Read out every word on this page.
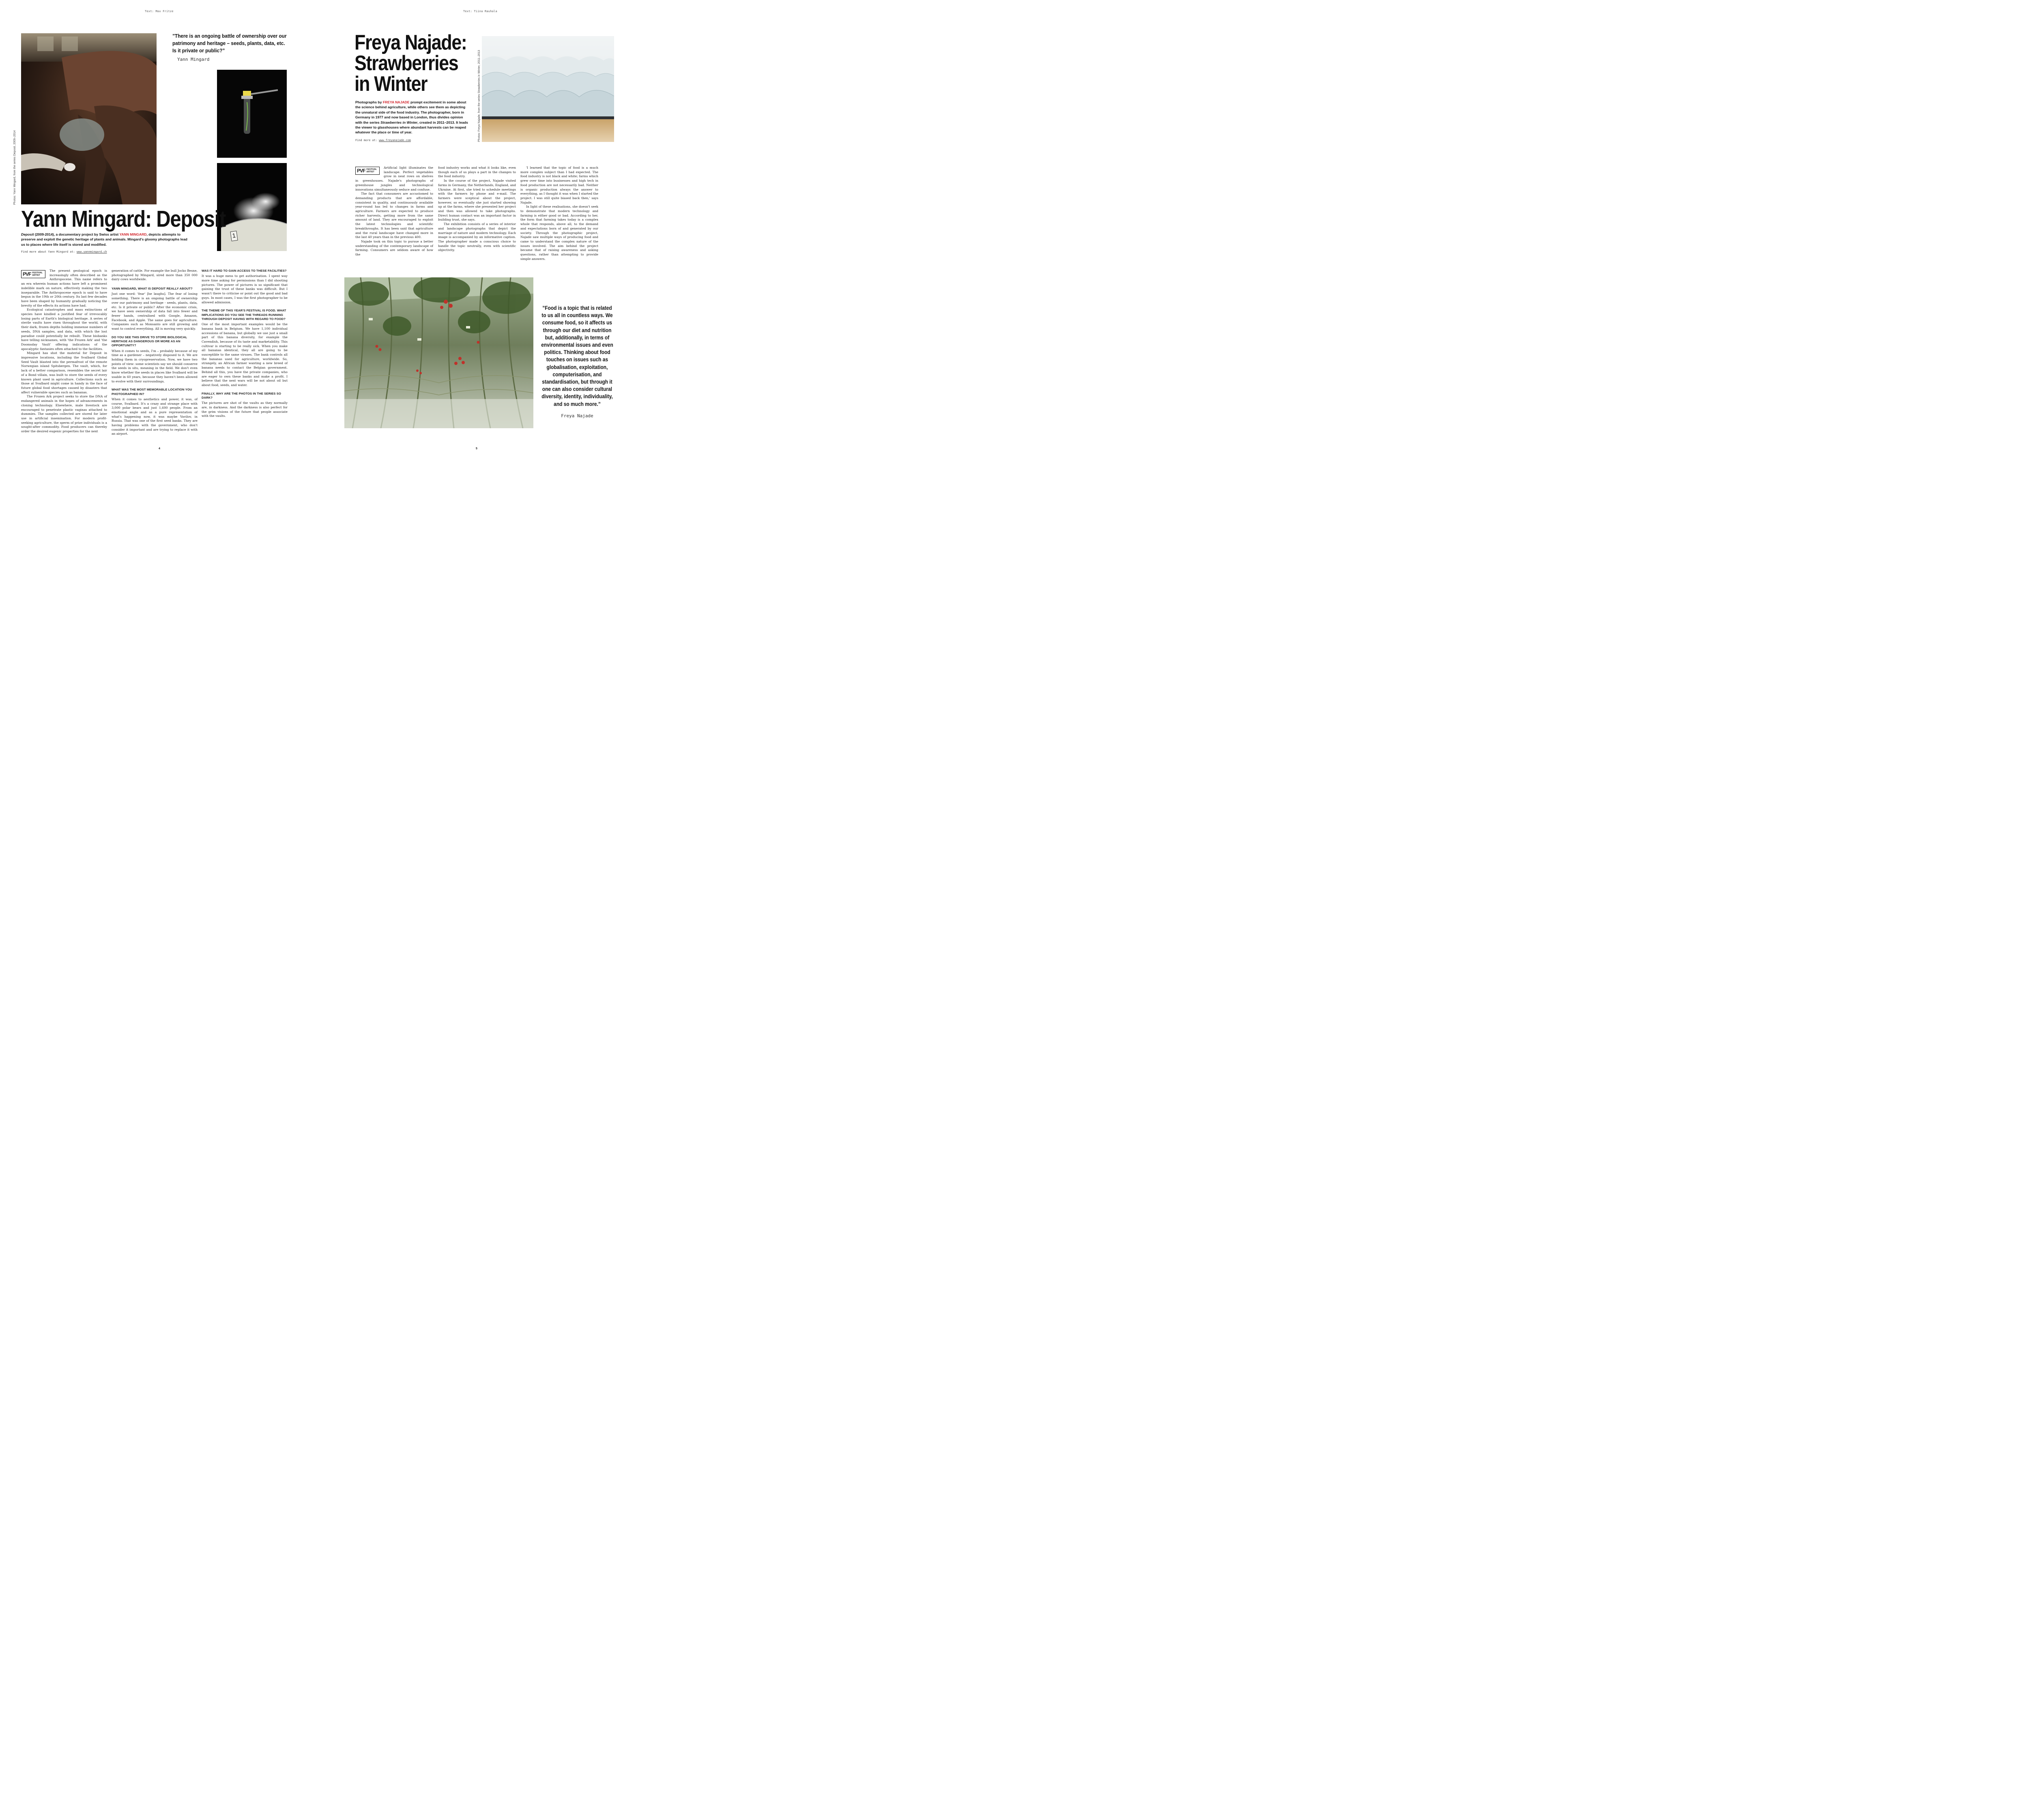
Text: Max Fritze
Photos: Yann Mingard, from the series Deposit, 2009–2014
”There is an ongoing battle of ownership over our patrimony and heritage – seeds, plants, data, etc. Is it private or public?”
Yann Mingard
1
Yann Mingard: Deposit
Deposit (2009-2014), a documentary project by Swiss artist YANN MINGARD, depicts attempts to preserve and exploit the genetic heritage of plants and animals. Mingard's gloomy photographs lead us to places where life itself is stored and modified.
Find more about Yann Mingard at: www.yannmingard.ch
PVF FESTIVAL
ARTIST

The present geological epoch is increasingly often described as the Anthropocene. This name refers to an era wherein human actions have left a prominent indelible mark on nature, effectively making the two inseparable. The Anthropocene epoch is said to have begun in the 19th or 20th century. Its last few decades have been shaped by humanity gradually noticing the brevity of the effects its actions have had.

Ecological catastrophes and mass extinctions of species have kindled a justified fear of irrevocably losing parts of Earth's biological heritage. A series of sterile vaults have risen throughout the world, with their dark, frozen depths holding immense numbers of seeds, DNA samples, and data, with which the lost paradise could potentially be rebuilt. These biobanks have telling nicknames, with 'the Frozen Ark' and 'the Doomsday Vault' offering indications of the apocalyptic fantasies often attached to the facilities.

Mingard has shot the material for Deposit in impressive locations, including the Svalbard Global Seed Vault blasted into the permafrost of the remote Norwegian island Spitsbergen. The vault, which, for lack of a better comparison, resembles the secret lair of a Bond villain, was built to store the seeds of every known plant used in agriculture. Collections such as those at Svalbard might come in handy in the face of future global food shortages caused by disasters that affect vulnerable species such as bananas.

The Frozen Ark project seeks to store the DNA of endangered animals in the hopes of advancements in cloning technology. Elsewhere, male livestock are encouraged to penetrate plastic vaginas attached to dummies. The samples collected are stored for later use in artificial insemination. For modern profit-seeking agriculture, the sperm of prize individuals is a sought-after commodity. Food producers can thereby order the desired eugenic properties for the next

generation of cattle. For example the bull Jocko Besne, photographed by Mingard, sired more than 350 000 dairy cows worldwide.

YANN MINGARD, WHAT IS DEPOSIT REALLY ABOUT?

Just one word: 'fear' [he laughs]. The fear of losing something. There is an ongoing battle of ownership over our patrimony and heritage - seeds, plants, data, etc. Is it private or public? After the economic crisis, we have seen ownership of data fall into fewer and fewer hands, centralised with Google, Amazon, Facebook, and Apple. The same goes for agriculture. Companies such as Monsanto are still growing and want to control everything. All is moving very quickly.

DO YOU SEE THIS DRIVE TO STORE BIOLOGICAL HERITAGE AS DANGEROUS OR MORE AS AN OPPORTUNITY?

When it comes to seeds, I'm – probably because of my time as a gardener – negatively disposed to it. We are holding them in cryopreservation. Now, we have two points of view: some scientists say we should conserve the seeds in situ, meaning in the field. We don't even know whether the seeds in places like Svalbard will be usable in 60 years, because they haven't been allowed to evolve with their surroundings.

WHAT WAS THE MOST MEMORABLE LOCATION YOU PHOTOGRAPHED IN?

When it comes to aesthetics and power, it was, of course, Svalbard. It's a crazy and strange place with 3,000 polar bears and just 1,600 people. From an emotional angle and as a pure representation of what's happening now, it was maybe Vavilov, in Russia. That was one of the first seed banks. They are having problems with the government, who don't consider it important and are trying to replace it with an airport.

WAS IT HARD TO GAIN ACCESS TO THESE FACILITIES?

It was a huge mess to get authorisation. I spent way more time asking for permissions than I did shooting pictures. The power of pictures is so significant that gaining the trust of these banks was difficult. But I wasn't there to criticise or point out the good and bad guys. In most cases, I was the first photographer to be allowed admission.

THE THEME OF THIS YEAR'S FESTIVAL IS FOOD. WHAT IMPLICATIONS DO YOU SEE THE THREADS RUNNING THROUGH DEPOSIT HAVING WITH REGARD TO FOOD?

One of the most important examples would be the banana bank in Belgium. We have 1,100 individual accessions of banana, but globally we use just a small part of this banana diversity, for example the Cavendish, because of its taste and marketability. This cultivar is starting to be really sick. When you make all bananas identical, they all are going to be susceptible to the same viruses. The bank controls all the bananas used for agriculture, worldwide. So, strangely, an African farmer wanting a new breed of banana needs to contact the Belgian government. Behind all this, you have the private companies, who are eager to own these banks and make a profit. I believe that the next wars will be not about oil but about food, seeds, and water.

FINALLY, WHY ARE THE PHOTOS IN THE SERIES SO DARK?

The pictures are shot of the vaults as they normally are, in darkness. And the darkness is also perfect for the grim visions of the future that people associate with the vaults.

4
Text: Tiina Rauhala
Freya Najade:
Strawberries
in Winter
Photographs by FREYA NAJADE prompt excitement in some about the science behind agriculture, while others see them as depicting the unnatural side of the food industry. The photographer, born in Germany in 1977 and now based in London, thus divides opinion with the series Strawberries in Winter, created in 2011–2013. It leads the viewer to glasshouses where abundant harvests can be reaped whatever the place or time of year.
Find more at: www.freyanajade.com	Photos: Freya Najade, from the series Strawberries in Winter, 2011–2013
PVF FESTIVAL
ARTIST

Artificial light illuminates the landscape. Perfect vegetables grow in neat rows on shelves in greenhouses. Najade's photographs of greenhouse jungles and technological innovations simultaneously seduce and confuse.

The fact that consumers are accustomed to demanding products that are affordable, consistent in quality, and continuously available year-round has led to changes in farms and agriculture. Farmers are expected to produce richer harvests, getting more from the same amount of land. They are encouraged to exploit the latest technologies and scientific breakthroughs. It has been said that agriculture and the rural landscape have changed more in the last 40 years than in the previous 400.

Najade took on this topic to pursue a better understanding of the contemporary landscape of farming. Consumers are seldom aware of how the

food industry works and what it looks like, even though each of us plays a part in the changes to the food industry.

In the course of the project, Najade visited farms in Germany, the Netherlands, England, and Ukraine. At first, she tried to schedule meetings with the farmers by phone and e-mail. The farmers were sceptical about the project, however, so eventually she just started showing up at the farms, where she presented her project and then was allowed to take photographs. Direct human contact was an important factor in building trust, she says.

The exhibition consists of a series of interior and landscape photographs that depict the marriage of nature and modern technology. Each image is accompanied by an informative caption. The photographer made a conscious choice to handle the topic neutrally, even with scientific objectivity.

'I learned that the topic of food is a much more complex subject than I had expected. The food industry is not black and white; farms which grew over time into businesses and high tech in food production are not necessarily bad. Neither is organic production always the answer to everything, as I thought it was when I started the project. I was still quite biased back then,' says Najade.

In light of these realisations, she doesn't seek to demonstrate that modern technology and farming is either good or bad. According to her, the form that farming takes today is a complex whole that responds, above all, to the demand and expectations born of and generated by our society. Through the photographic project, Najade saw multiple ways of producing food and came to understand the complex nature of the issues involved. The aim behind the project became that of raising awareness and asking questions, rather than attempting to provide simple answers.

”Food is a topic that is related to us all in countless ways. We consume food, so it affects us through our diet and nutrition but, additionally, in terms of environmental issues and even politics. Thinking about food touches on issues such as globalisation, exploitation, computerisation, and standardisation, but through it one can also consider cultural diversity, identity, individuality, and so much more.”
Freya Najade
5
